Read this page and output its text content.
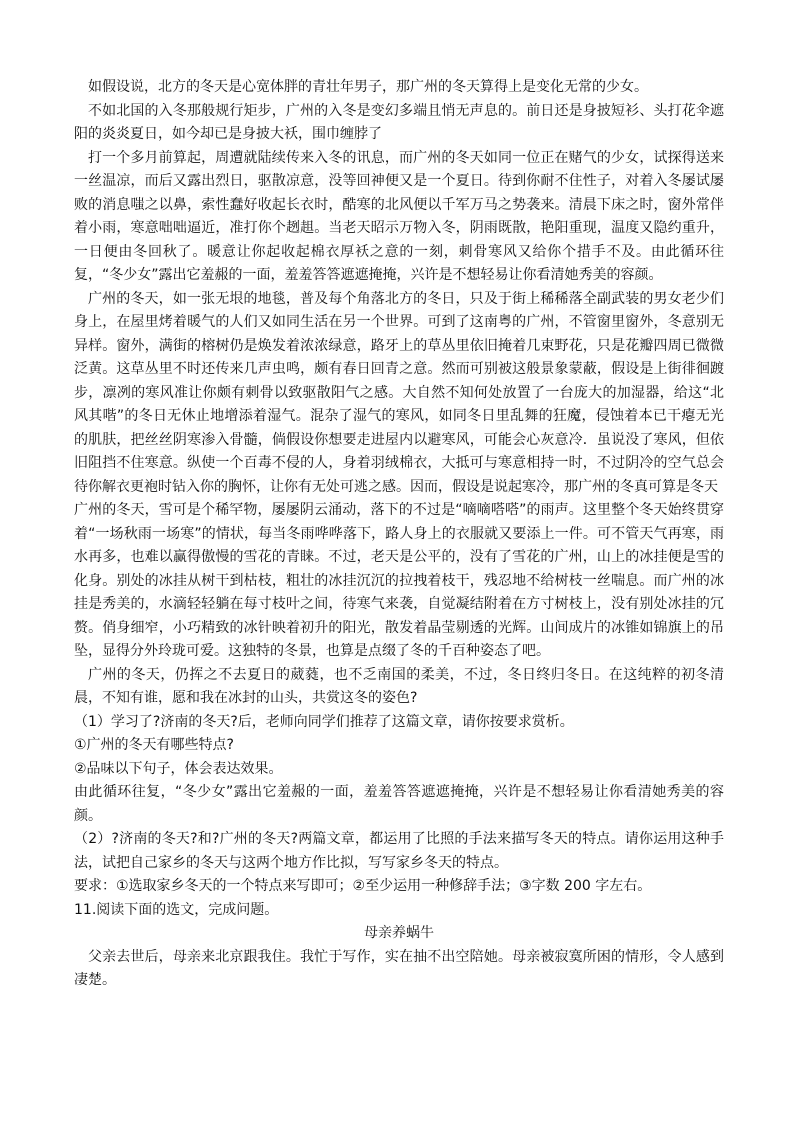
如假设说，北方的冬天是心宽体胖的青壮年男子，那广州的冬天算得上是变化无常的少女。

不如北国的入冬那般规行矩步，广州的入冬是变幻多端且悄无声息的。前日还是身披短衫、头打花伞遮阳的炎炎夏日，如今却已是身披大袄，围巾缠脖了

打一个多月前算起，周遭就陆续传来入冬的讯息，而广州的冬天如同一位正在赌气的少女，试探得送来一丝温凉，而后又露出烈日，驱散凉意，没等回神便又是一个夏日。待到你耐不住性子，对着入冬屡试屡败的消息嗤之以鼻，索性蠢好收起长衣时，酷寒的北风便以千军万马之势袭来。清晨下床之时，窗外常伴着小雨，寒意咄咄逼近，准打你个趔趄。当老天昭示万物入冬，阴雨既散，艳阳重现，温度又隐约重升，一日便由冬回秋了。暖意让你起收起棉衣厚袄之意的一刻，刺骨寒风又给你个措手不及。由此循环往复，“冬少女”露出它羞赧的一面，羞羞答答遮遮掩掩，兴许是不想轻易让你看清她秀美的容颜。

广州的冬天，如一张无垠的地毯，普及每个角落北方的冬日，只及于街上稀稀落全副武装的男女老少们身上，在屋里烤着暖气的人们又如同生活在另一个世界。可到了这南粤的广州，不管窗里窗外，冬意别无异样。窗外，满街的榕树仍是焕发着浓浓绿意，路牙上的草丛里依旧掩着几束野花，只是花瓣四周已微微泛黄。这草丛里不时还传来几声虫鸣，颇有春日回青之意。然而可别被这般景象蒙蔽，假设是上街徘徊踱步，凛冽的寒风准让你颇有刺骨以致驱散阳气之感。大自然不知何处放置了一台庞大的加湿器，给这“北风其喈”的冬日无休止地增添着湿气。混杂了湿气的寒风，如同冬日里乱舞的狂魔，侵蚀着本已干瘪无光的肌肤，把丝丝阴寒渗入骨髓，倘假设你想要走进屋内以避寒风，可能会心灰意冷．虽说没了寒风，但依旧阻挡不住寒意。纵使一个百毒不侵的人，身着羽绒棉衣，大抵可与寒意相持一时，不过阴冷的空气总会待你解衣更袍时钻入你的胸怀，让你有无处可逃之感。因而，假设是说起寒冷，那广州的冬真可算是冬天

广州的冬天，雪可是个稀罕物，屡屡阴云涌动，落下的不过是“嘀嘀嗒嗒”的雨声。这里整个冬天始终贯穿着“一场秋雨一场寒”的情状，每当冬雨哗哗落下，路人身上的衣服就又要添上一件。可不管天气再寒，雨水再多，也难以赢得傲慢的雪花的青睐。不过，老天是公平的，没有了雪花的广州，山上的冰挂便是雪的化身。别处的冰挂从树干到枯枝，粗壮的冰挂沉沉的拉拽着枝干，残忍地不给树枝一丝喘息。而广州的冰挂是秀美的，水滴轻轻躺在每寸枝叶之间，待寒气来袭，自觉凝结附着在方寸树枝上，没有别处冰挂的冗赘。俏身细窄，小巧精致的冰针映着初升的阳光，散发着晶莹剔透的光辉。山间成片的冰锥如锦旗上的吊坠，显得分外玲珑可爱。这独特的冬景，也算是点缀了冬的千百种姿态了吧。

广州的冬天，仍挥之不去夏日的葳蕤，也不乏南国的柔美，不过，冬日终归冬日。在这纯粹的初冬清晨，不知有谁，愿和我在冰封的山头，共赏这冬的姿色?

（1）学习了?济南的冬天?后，老师向同学们推荐了这篇文章，请你按要求赏析。

①广州的冬天有哪些特点?

②品味以下句子，体会表达效果。

由此循环往复，“冬少女”露出它羞赧的一面，羞羞答答遮遮掩掩，兴许是不想轻易让你看清她秀美的容颜。

（2）?济南的冬天?和?广州的冬天?两篇文章，都运用了比照的手法来描写冬天的特点。请你运用这种手法，试把自己家乡的冬天与这两个地方作比拟，写写家乡冬天的特点。

要求：①选取家乡冬天的一个特点来写即可；②至少运用一种修辞手法；③字数 200 字左右。

11.阅读下面的选文，完成问题。

母亲养蜗牛

父亲去世后，母亲来北京跟我住。我忙于写作，实在抽不出空陪她。母亲被寂寞所困的情形，令人感到凄楚。
